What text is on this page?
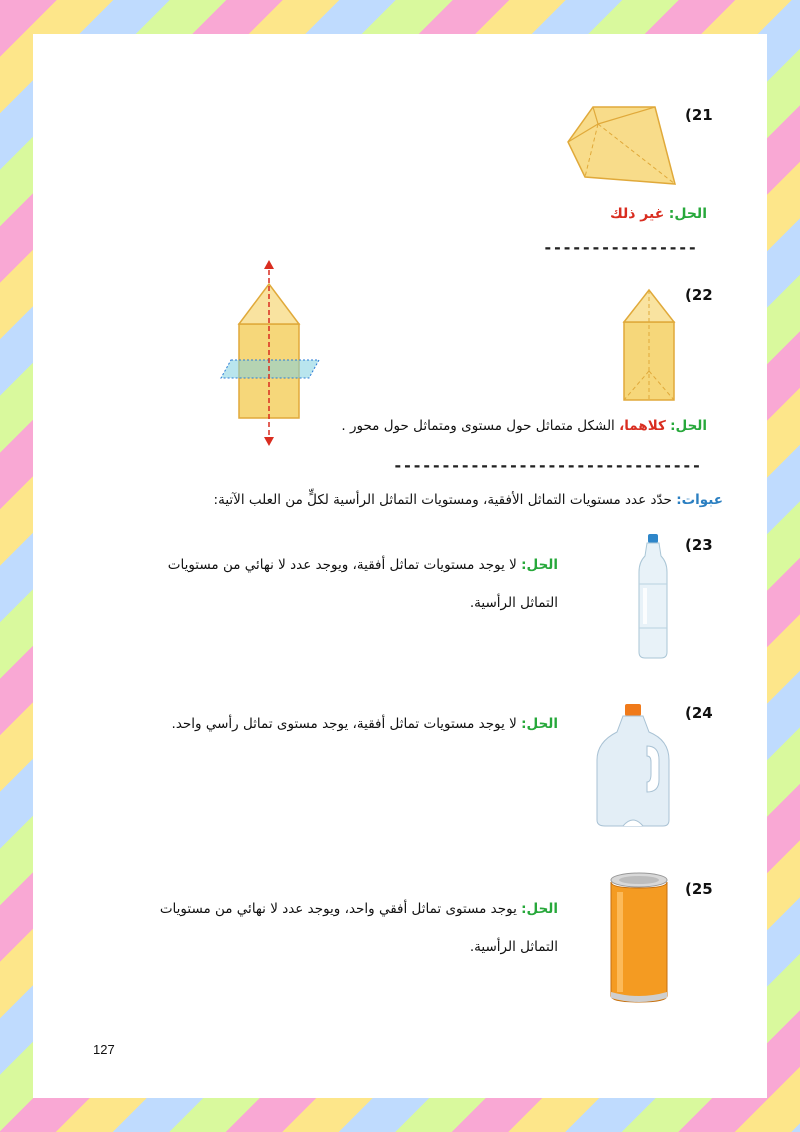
(21
الحل: غير ذلك
----------------
(22
الحل: كلاهما، الشكل متماثل حول مستوى ومتماثل حول محور .
--------------------------------
عبوات: حدّد عدد مستويات التماثل الأفقية، ومستويات التماثل الرأسية لكلٍّ من العلب الآتية:
(23
الحل: لا يوجد مستويات تماثل أفقية، ويوجد عدد لا نهائي من مستويات التماثل الرأسية.
(24
الحل: لا يوجد مستويات تماثل أفقية، يوجد مستوى تماثل رأسي واحد.
(25
الحل: يوجد مستوى تماثل أفقي واحد، ويوجد عدد لا نهائي من مستويات التماثل الرأسية.
127
